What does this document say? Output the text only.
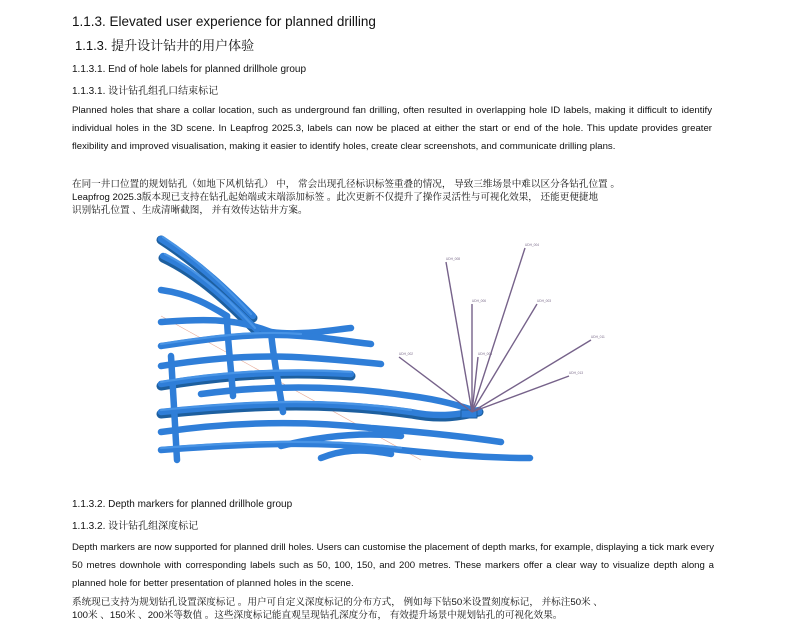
1.1.3. Elevated user experience for planned drilling
1.1.3. 提升设计钻井的用户体验
1.1.3.1. End of hole labels for planned drillhole group
1.1.3.1. 设计钻孔组孔口结束标记
Planned holes that share a collar location, such as underground fan drilling, often resulted in overlapping hole ID labels, making it difficult to identify individual holes in the 3D scene. In Leapfrog 2025.3, labels can now be placed at either the start or end of the hole. This update provides greater flexibility and improved visualisation, making it easier to identify holes, create clear screenshots, and communicate drilling plans.
在同一井口位置的规划钻孔（如地下风机钻孔） 中， 常会出现孔径标识标签重叠的情况， 导致三维场景中难以区分各钻孔位置 。
Leapfrog 2025.3版本现已支持在钻孔起始端或末端添加标签 。此次更新不仅提升了操作灵活性与可视化效果， 还能更便捷地
识别钻孔位置 、生成清晰截图， 并有效传达钻井方案。
UDH_008
UDH_004
UDH_006	UDH_003
UDH_005
UDH_002
UDH_011
UDH_013
1.1.3.2. Depth markers for planned drillhole group
1.1.3.2. 设计钻孔组深度标记
Depth markers are now supported for planned drill holes. Users can customise the placement of depth marks, for example, displaying a tick mark every 50 metres downhole with corresponding labels such as 50, 100, 150, and 200 metres. These markers offer a clear way to visualize depth along a planned hole for better presentation of planned holes in the scene.
系统现已支持为规划钻孔设置深度标记 。用户可自定义深度标记的分布方式， 例如每下钻50米设置刻度标记， 并标注50米 、
100米 、150米 、200米等数值 。这些深度标记能直观呈现钻孔深度分布， 有效提升场景中规划钻孔的可视化效果。
